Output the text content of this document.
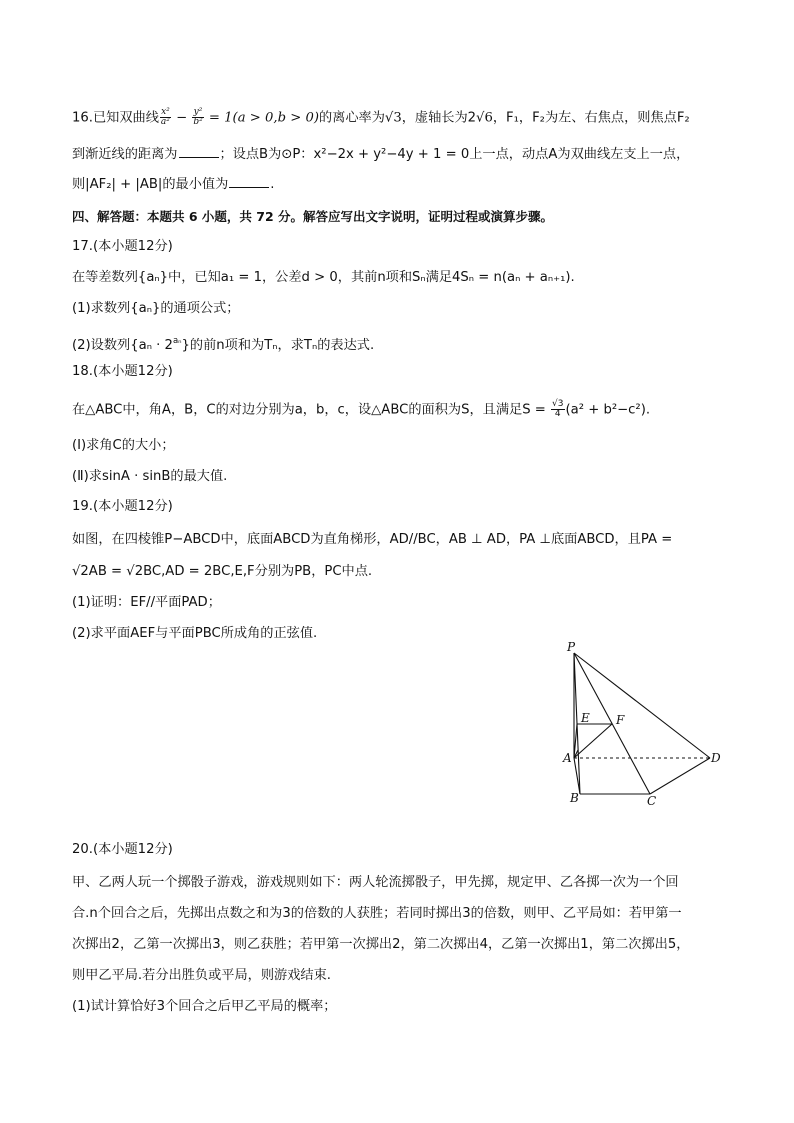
16.已知双曲线 $\frac{\text{x²}}{\text{a²}} - \frac{\text{y²}}{\text{b²}} = 1(a > 0,b > 0)$的离心率为√3，虚轴长为2√6，F₁，F₂为左、右焦点，则焦点F₂
到渐近线的距离为	；设点B为⊙P：x²−2x + y²−4y + 1 = 0上一点，动点A为双曲线左支上一点，
则|AF₂| + |AB|的最小值为	.
四、解答题：本题共 6 小题，共 72 分。解答应写出文字说明，证明过程或演算步骤。
17.(本小题12分)
在等差数列{aₙ}中，已知a₁ = 1，公差d > 0，其前n项和Sₙ满足4Sₙ = n(aₙ + aₙ₊₁).
(1)求数列{aₙ}的通项公式；
(2)设数列$\{a_n \cdot 2^{a_n}\}$的前n项和为Tₙ，求Tₙ的表达式.
18.(本小题12分)
在△ABC中，角A，B，C的对边分别为a，b，c，设△ABC的面积为S，且满足$S = \frac{√3}{4} (a^2 + b^2-c^2)$.
(Ⅰ)求角C的大小；
(Ⅱ)求sinA · sinB的最大值.
19.(本小题12分)
如图，在四棱锥P−ABCD中，底面ABCD为直角梯形，AD//BC，AB ⊥ AD，PA ⊥底面ABCD，且PA =
√2AB = √2BC,AD = 2BC,E,F分别为PB，PC中点.
(1)证明：EF//平面PAD；
(2)求平面AEF与平面PBC所成角的正弦值.
P
E F
A	D
B	C
20.(本小题12分)
甲、乙两人玩一个掷骰子游戏，游戏规则如下：两人轮流掷骰子，甲先掷，规定甲、乙各掷一次为一个回
合.n个回合之后，先掷出点数之和为3的倍数的人获胜；若同时掷出3的倍数，则甲、乙平局如：若甲第一
次掷出2，乙第一次掷出3，则乙获胜；若甲第一次掷出2，第二次掷出4，乙第一次掷出1，第二次掷出5，
则甲乙平局.若分出胜负或平局，则游戏结束.
(1)试计算恰好3个回合之后甲乙平局的概率；
